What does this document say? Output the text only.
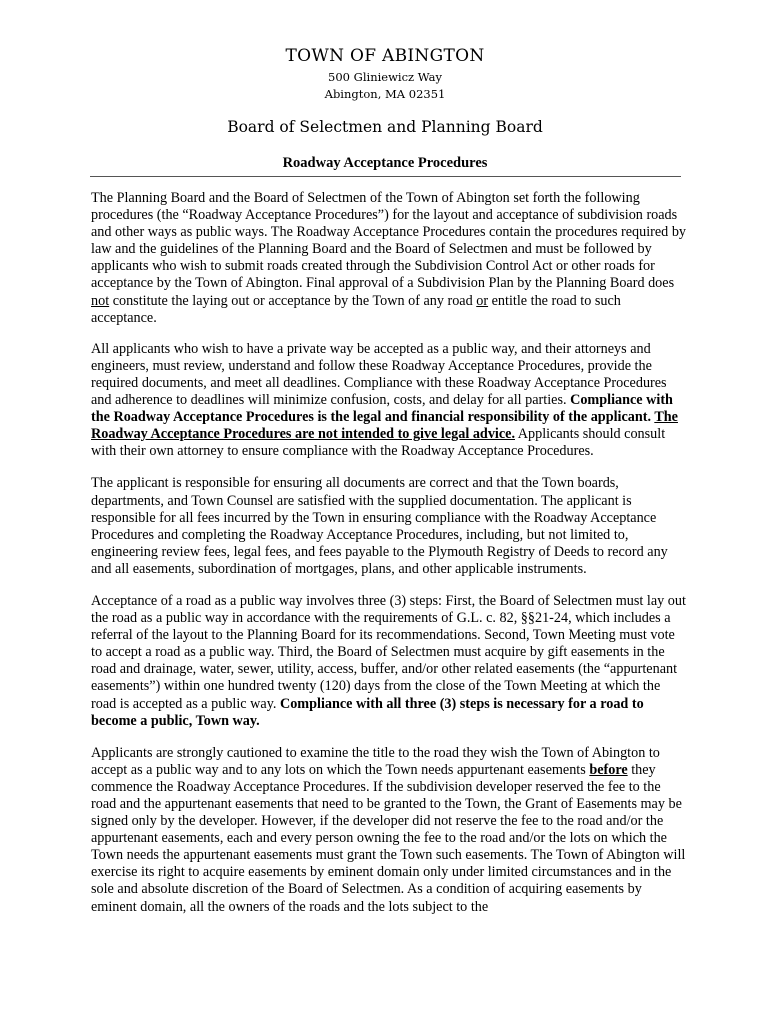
TOWN OF ABINGTON
500 Gliniewicz Way
Abington, MA 02351
Board of Selectmen and Planning Board
Roadway Acceptance Procedures

The Planning Board and the Board of Selectmen of the Town of Abington set forth the following procedures (the “Roadway Acceptance Procedures”) for the layout and acceptance of subdivision roads and other ways as public ways. The Roadway Acceptance Procedures contain the procedures required by law and the guidelines of the Planning Board and the Board of Selectmen and must be followed by applicants who wish to submit roads created through the Subdivision Control Act or other roads for acceptance by the Town of Abington. Final approval of a Subdivision Plan by the Planning Board does not constitute the laying out or acceptance by the Town of any road or entitle the road to such acceptance.

All applicants who wish to have a private way be accepted as a public way, and their attorneys and engineers, must review, understand and follow these Roadway Acceptance Procedures, provide the required documents, and meet all deadlines. Compliance with these Roadway Acceptance Procedures and adherence to deadlines will minimize confusion, costs, and delay for all parties. Compliance with the Roadway Acceptance Procedures is the legal and financial responsibility of the applicant. The Roadway Acceptance Procedures are not intended to give legal advice. Applicants should consult with their own attorney to ensure compliance with the Roadway Acceptance Procedures.

The applicant is responsible for ensuring all documents are correct and that the Town boards, departments, and Town Counsel are satisfied with the supplied documentation. The applicant is responsible for all fees incurred by the Town in ensuring compliance with the Roadway Acceptance Procedures and completing the Roadway Acceptance Procedures, including, but not limited to, engineering review fees, legal fees, and fees payable to the Plymouth Registry of Deeds to record any and all easements, subordination of mortgages, plans, and other applicable instruments.

Acceptance of a road as a public way involves three (3) steps: First, the Board of Selectmen must lay out the road as a public way in accordance with the requirements of G.L. c. 82, §§21-24, which includes a referral of the layout to the Planning Board for its recommendations. Second, Town Meeting must vote to accept a road as a public way. Third, the Board of Selectmen must acquire by gift easements in the road and drainage, water, sewer, utility, access, buffer, and/or other related easements (the “appurtenant easements”) within one hundred twenty (120) days from the close of the Town Meeting at which the road is accepted as a public way. Compliance with all three (3) steps is necessary for a road to become a public, Town way.

Applicants are strongly cautioned to examine the title to the road they wish the Town of Abington to accept as a public way and to any lots on which the Town needs appurtenant easements before they commence the Roadway Acceptance Procedures. If the subdivision developer reserved the fee to the road and the appurtenant easements that need to be granted to the Town, the Grant of Easements may be signed only by the developer. However, if the developer did not reserve the fee to the road and/or the appurtenant easements, each and every person owning the fee to the road and/or the lots on which the Town needs the appurtenant easements must grant the Town such easements. The Town of Abington will exercise its right to acquire easements by eminent domain only under limited circumstances and in the sole and absolute discretion of the Board of Selectmen. As a condition of acquiring easements by eminent domain, all the owners of the roads and the lots subject to the
